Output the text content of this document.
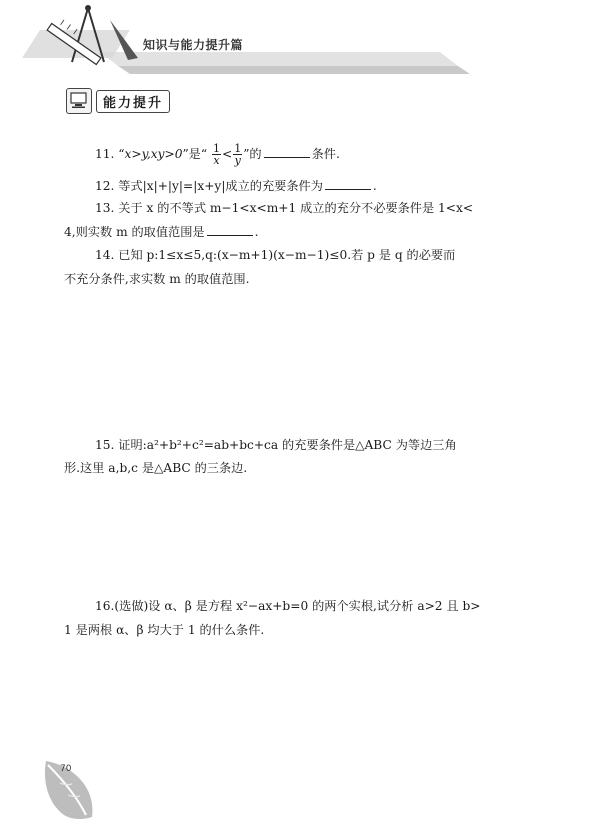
知识与能力提升篇
能力提升
11. “x>y,xy>0”是“ $\frac{1}{x} < \frac{1}{y}$ ”的	条件.
12. 等式|x|+|y|=|x+y|成立的充要条件为	.
13. 关于 x 的不等式 m−1<x<m+1 成立的充分不必要条件是 1<x<
4,则实数 m 的取值范围是	.
14. 已知 p:1≤x≤5,q:(x−m+1)(x−m−1)≤0.若 p 是 q 的必要而
不充分条件,求实数 m 的取值范围.
15. 证明:a²+b²+c²=ab+bc+ca 的充要条件是△ABC 为等边三角
形.这里 a,b,c 是△ABC 的三条边.
16.(选做)设 α、β 是方程 x²−ax+b=0 的两个实根,试分析 a>2 且 b>
1 是两根 α、β 均大于 1 的什么条件.
70
